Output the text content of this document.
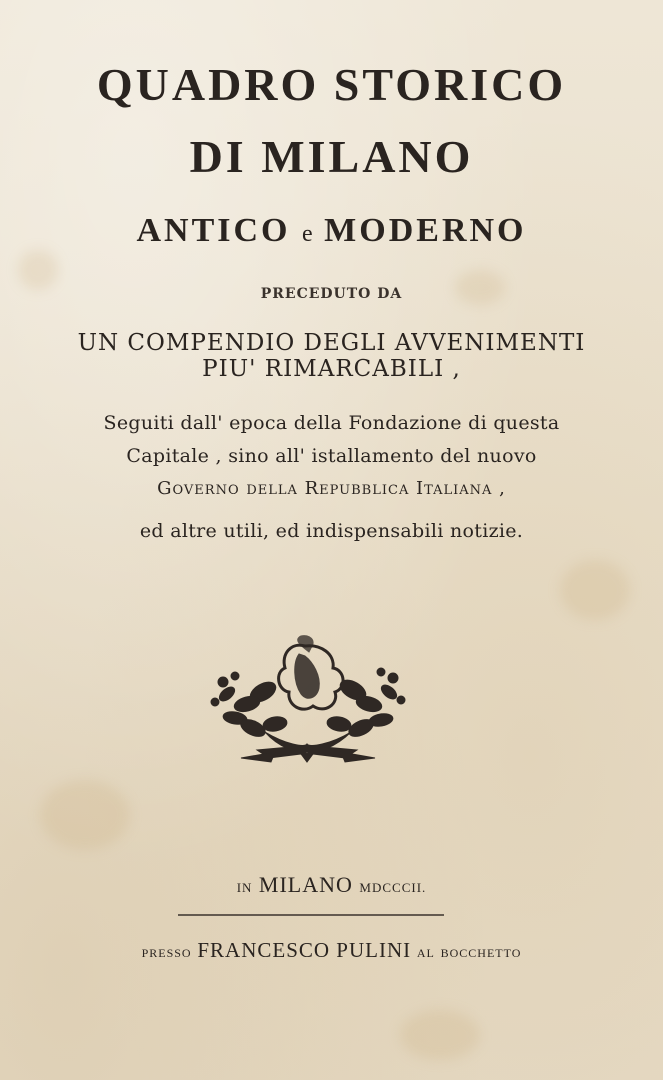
QUADRO STORICO
DI MILANO
ANTICO e MODERNO
PRECEDUTO DA
UN COMPENDIO DEGLI AVVENIMENTI
PIU' RIMARCABILI ,
Seguiti dall' epoca della Fondazione di questa
Capitale , sino all' istallamento del nuovo
Governo della Repubblica Italiana ,
ed altre utili, ed indispensabili notizie.
IN MILANO MDCCCII.
PRESSO FRANCESCO PULINI AL BOCCHETTO
